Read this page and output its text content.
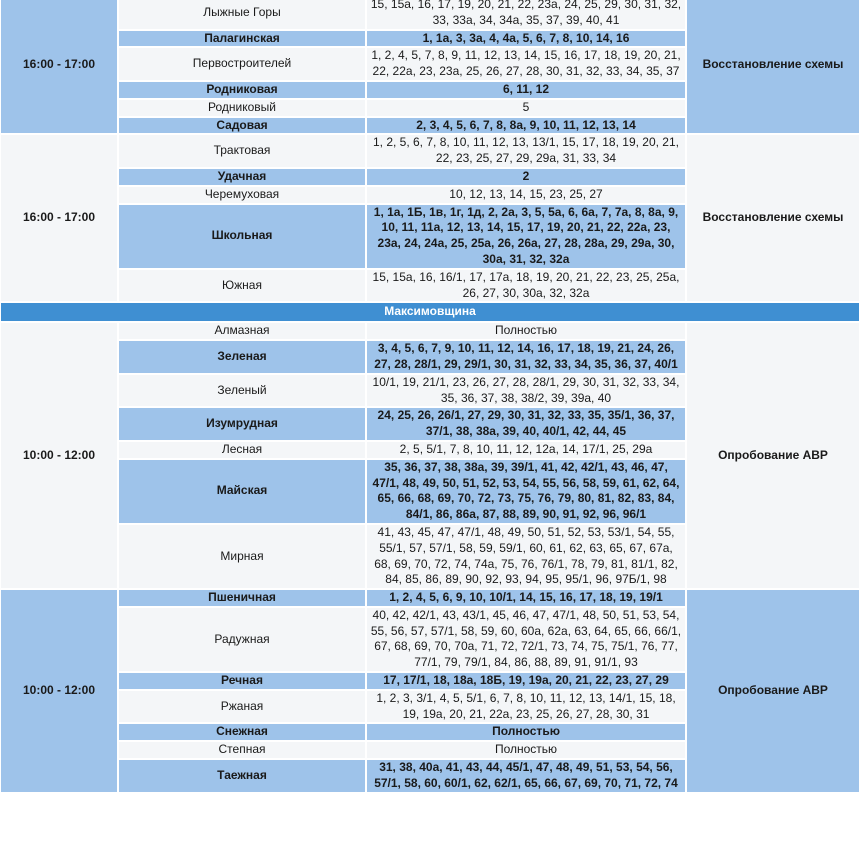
16:00 - 17:00	Лыжные Горы	15, 15а, 16, 17, 19, 20, 21, 22, 23а, 24, 25, 29, 30, 31, 32, 33, 33а, 34, 34а, 35, 37, 39, 40, 41	Восстановление схемы
	Палагинская	1, 1а, 3, 3а, 4, 4а, 5, 6, 7, 8, 10, 14, 16	
	Первостроителей	1, 2, 4, 5, 7, 8, 9, 11, 12, 13, 14, 15, 16, 17, 18, 19, 20, 21, 22, 22а, 23, 23а, 25, 26, 27, 28, 30, 31, 32, 33, 34, 35, 37	
	Родниковая	6, 11, 12	
	Родниковый	5	
	Садовая	2, 3, 4, 5, 6, 7, 8, 8а, 9, 10, 11, 12, 13, 14	
16:00 - 17:00	Трактовая	1, 2, 5, 6, 7, 8, 10, 11, 12, 13, 13/1, 15, 17, 18, 19, 20, 21, 22, 23, 25, 27, 29, 29а, 31, 33, 34	Восстановление схемы
	Удачная	2	
	Черемуховая	10, 12, 13, 14, 15, 23, 25, 27	
	Школьная	1, 1а, 1Б, 1в, 1г, 1д, 2, 2а, 3, 5, 5а, 6, 6а, 7, 7а, 8, 8а, 9, 10, 11, 11а, 12, 13, 14, 15, 17, 19, 20, 21, 22, 22а, 23, 23а, 24, 24а, 25, 25а, 26, 26а, 27, 28, 28а, 29, 29а, 30, 30а, 31, 32, 32а	
	Южная	15, 15а, 16, 16/1, 17, 17а, 18, 19, 20, 21, 22, 23, 25, 25а, 26, 27, 30, 30а, 32, 32а	
Максимовщина			
10:00 - 12:00	Алмазная	Полностью	Опробование АВР
	Зеленая	3, 4, 5, 6, 7, 9, 10, 11, 12, 14, 16, 17, 18, 19, 21, 24, 26, 27, 28, 28/1, 29, 29/1, 30, 31, 32, 33, 34, 35, 36, 37, 40/1	
	Зеленый	10/1, 19, 21/1, 23, 26, 27, 28, 28/1, 29, 30, 31, 32, 33, 34, 35, 36, 37, 38, 38/2, 39, 39а, 40	
	Изумрудная	24, 25, 26, 26/1, 27, 29, 30, 31, 32, 33, 35, 35/1, 36, 37, 37/1, 38, 38а, 39, 40, 40/1, 42, 44, 45	
	Лесная	2, 5, 5/1, 7, 8, 10, 11, 12, 12а, 14, 17/1, 25, 29а	
	Майская	35, 36, 37, 38, 38а, 39, 39/1, 41, 42, 42/1, 43, 46, 47, 47/1, 48, 49, 50, 51, 52, 53, 54, 55, 56, 58, 59, 61, 62, 64, 65, 66, 68, 69, 70, 72, 73, 75, 76, 79, 80, 81, 82, 83, 84, 84/1, 86, 86а, 87, 88, 89, 90, 91, 92, 96, 96/1	
	Мирная	41, 43, 45, 47, 47/1, 48, 49, 50, 51, 52, 53, 53/1, 54, 55, 55/1, 57, 57/1, 58, 59, 59/1, 60, 61, 62, 63, 65, 67, 67а, 68, 69, 70, 72, 74, 74а, 75, 76, 76/1, 78, 79, 81, 81/1, 82, 84, 85, 86, 89, 90, 92, 93, 94, 95, 95/1, 96, 97Б/1, 98	
10:00 - 12:00	Пшеничная	1, 2, 4, 5, 6, 9, 10, 10/1, 14, 15, 16, 17, 18, 19, 19/1	Опробование АВР
	Радужная	40, 42, 42/1, 43, 43/1, 45, 46, 47, 47/1, 48, 50, 51, 53, 54, 55, 56, 57, 57/1, 58, 59, 60, 60а, 62а, 63, 64, 65, 66, 66/1, 67, 68, 69, 70, 70а, 71, 72, 72/1, 73, 74, 75, 75/1, 76, 77, 77/1, 79, 79/1, 84, 86, 88, 89, 91, 91/1, 93	
	Речная	17, 17/1, 18, 18а, 18Б, 19, 19а, 20, 21, 22, 23, 27, 29	
	Ржаная	1, 2, 3, 3/1, 4, 5, 5/1, 6, 7, 8, 10, 11, 12, 13, 14/1, 15, 18, 19, 19а, 20, 21, 22а, 23, 25, 26, 27, 28, 30, 31	
	Снежная	Полностью	
	Степная	Полностью	
	Таежная	31, 38, 40а, 41, 43, 44, 45/1, 47, 48, 49, 51, 53, 54, 56, 57/1, 58, 60, 60/1, 62, 62/1, 65, 66, 67, 69, 70, 71, 72, 74	
